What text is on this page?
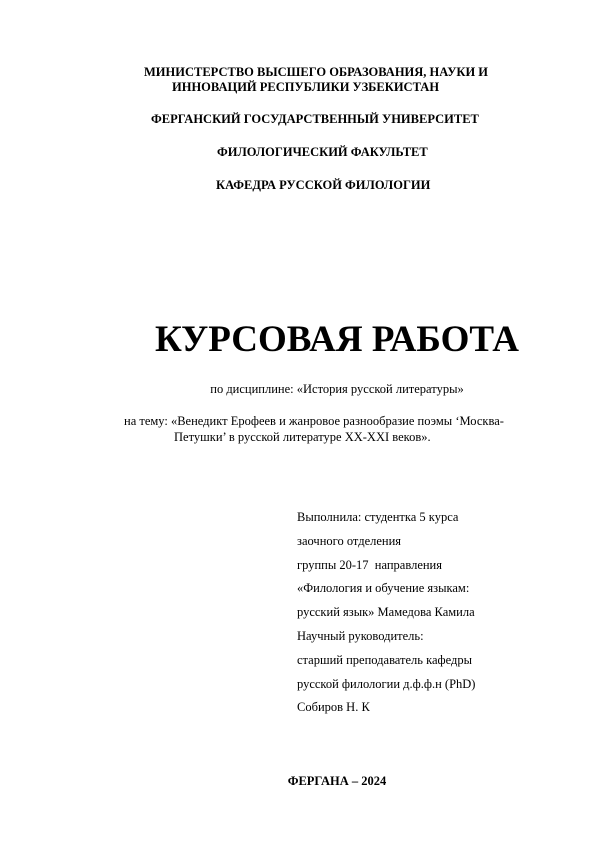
МИНИСТЕРСТВО ВЫСШЕГО ОБРАЗОВАНИЯ, НАУКИ И
ИННОВАЦИЙ РЕСПУБЛИКИ УЗБЕКИСТАН
ФЕРГАНСКИЙ ГОСУДАРСТВЕННЫЙ УНИВЕРСИТЕТ
ФИЛОЛОГИЧЕСКИЙ ФАКУЛЬТЕТ
КАФЕДРА РУССКОЙ ФИЛОЛОГИИ
КУРСОВАЯ РАБОТА
по дисциплине: «История русской литературы»
на тему: «Венедикт Ерофеев и жанровое разнообразие поэмы ‘Москва-
Петушки’ в русской литературе XX-XXI веков».
Выполнила: студентка 5 курса
заочного отделения
группы 20-17  направления
«Филология и обучение языкам:
русский язык» Мамедова Камила
Научный руководитель:
старший преподаватель кафедры
русской филологии д.ф.ф.н (PhD)
Собиров Н. К
ФЕРГАНА – 2024
